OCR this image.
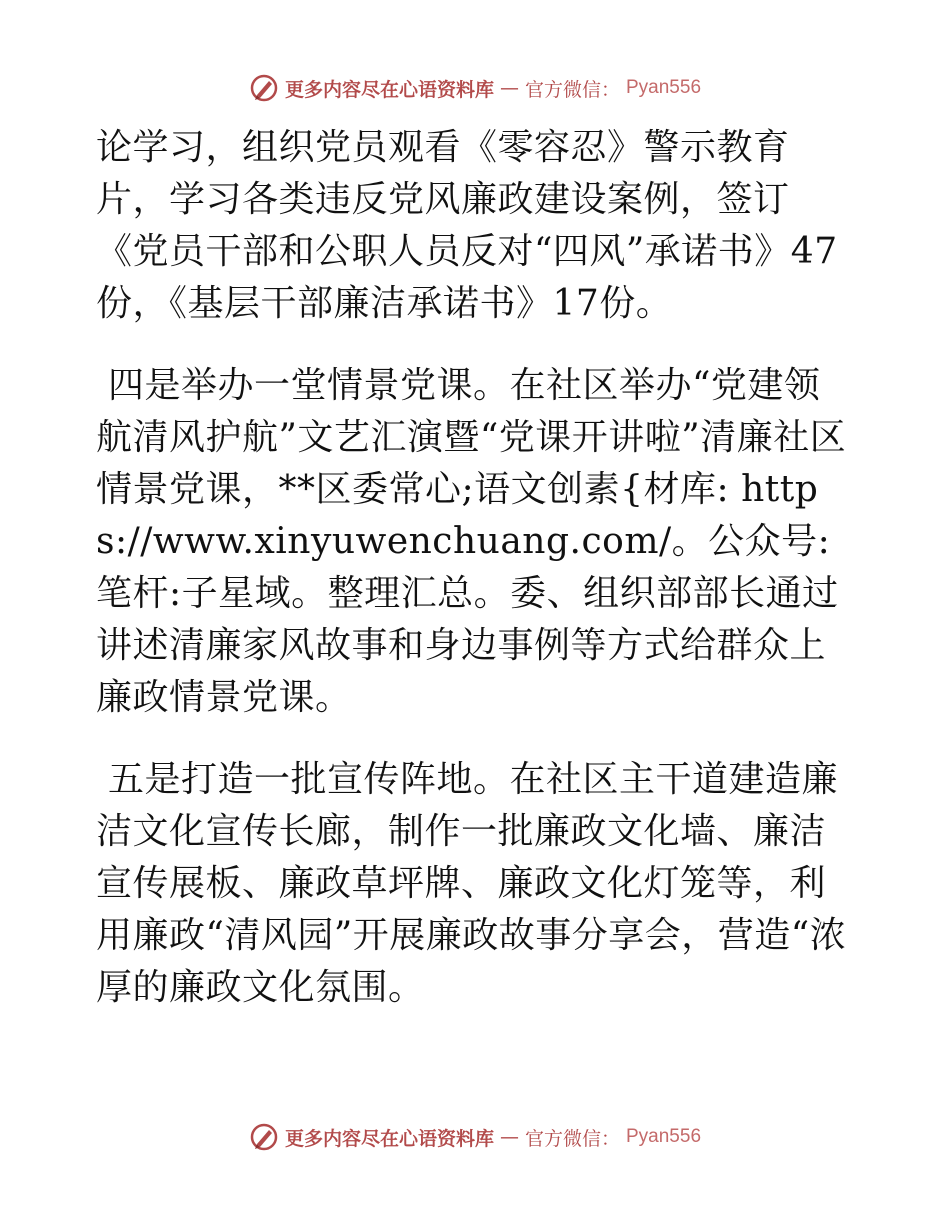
更多内容尽在心语资料库 — 官方微信： Pyan556

论学习，组织党员观看《零容忍》警示教育片，学习各类违反党风廉政建设案例，签订《党员干部和公职人员反对“四风”承诺书》47份，《基层干部廉洁承诺书》17份。

四是举办一堂情景党课。在社区举办“党建领航清风护航”文艺汇演暨“党课开讲啦”清廉社区情景党课，**区委常心;语文创素{材库: https://www.xinyuwenchuang.com/。公众号: 笔杆:子星域。整理汇总。委、组织部部长通过讲述清廉家风故事和身边事例等方式给群众上廉政情景党课。

五是打造一批宣传阵地。在社区主干道建造廉洁文化宣传长廊，制作一批廉政文化墙、廉洁宣传展板、廉政草坪牌、廉政文化灯笼等，利用廉政“清风园”开展廉政故事分享会，营造“浓厚的廉政文化氛围。

更多内容尽在心语资料库 — 官方微信： Pyan556
